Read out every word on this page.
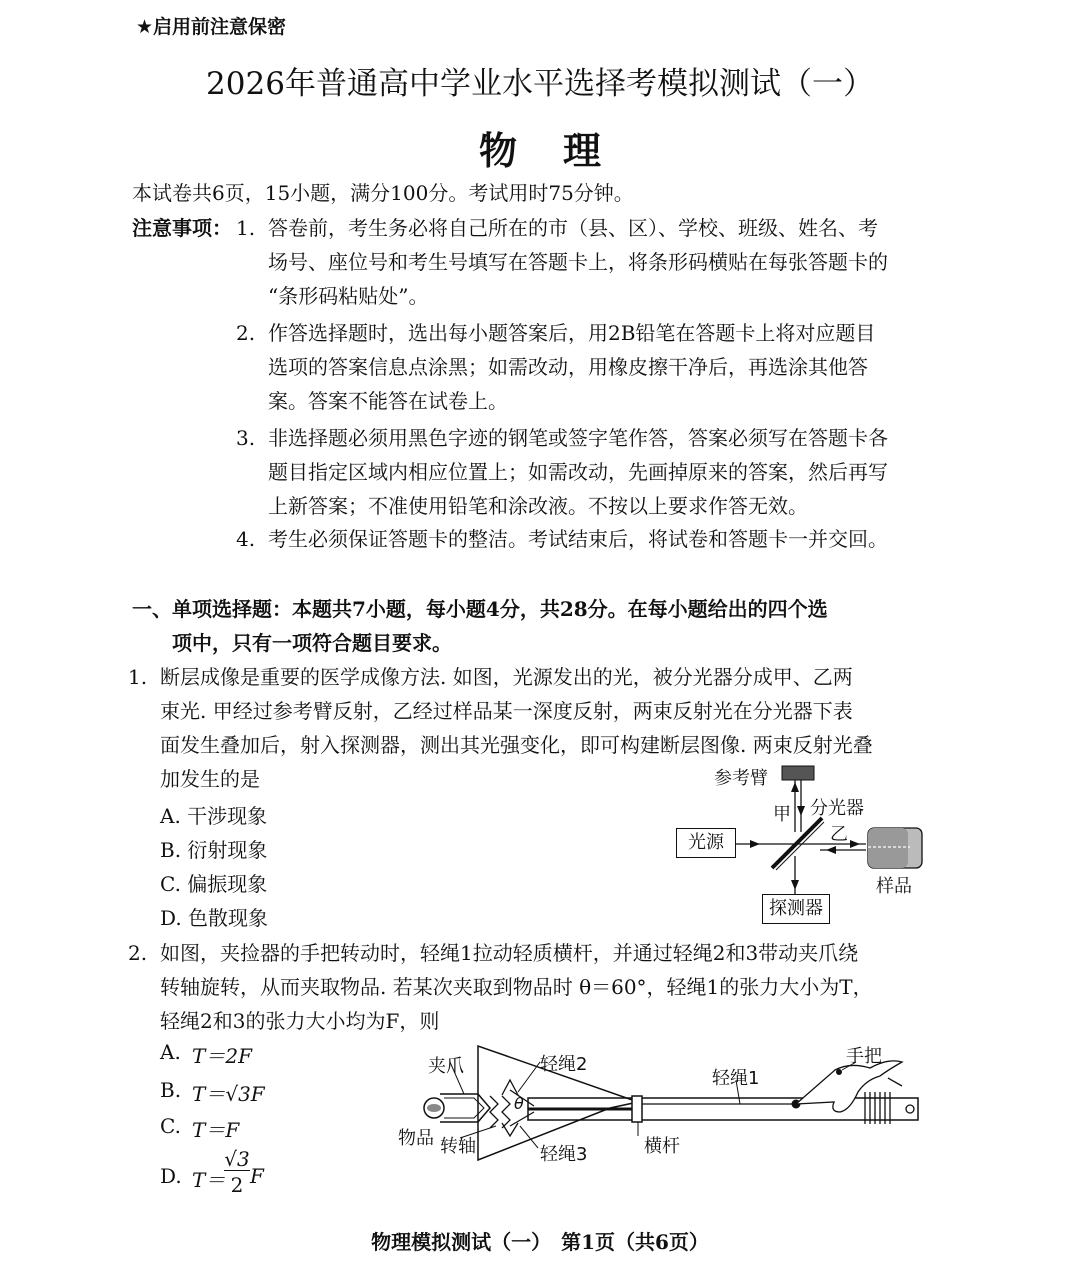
★启用前注意保密
2026年普通高中学业水平选择考模拟测试（一）
物理
本试卷共6页，15小题，满分100分。考试用时75分钟。
注意事项： 1. 答卷前，考生务必将自己所在的市（县、区）、学校、班级、姓名、考
场号、座位号和考生号填写在答题卡上，将条形码横贴在每张答题卡的
“条形码粘贴处”。
2. 作答选择题时，选出每小题答案后，用2B铅笔在答题卡上将对应题目
选项的答案信息点涂黑；如需改动，用橡皮擦干净后，再选涂其他答
案。答案不能答在试卷上。
3. 非选择题必须用黑色字迹的钢笔或签字笔作答，答案必须写在答题卡各
题目指定区域内相应位置上；如需改动，先画掉原来的答案，然后再写
上新答案；不准使用铅笔和涂改液。不按以上要求作答无效。
4. 考生必须保证答题卡的整洁。考试结束后，将试卷和答题卡一并交回。
一、单项选择题：本题共7小题，每小题4分，共28分。在每小题给出的四个选
项中，只有一项符合题目要求。
1. 断层成像是重要的医学成像方法. 如图，光源发出的光，被分光器分成甲、乙两
束光. 甲经过参考臂反射，乙经过样品某一深度反射，两束反射光在分光器下表
面发生叠加后，射入探测器，测出其光强变化，即可构建断层图像. 两束反射光叠
加发生的是
A. 干涉现象
B. 衍射现象
C. 偏振现象
D. 色散现象
参考臂
甲 分光器
乙
光源
样品
探测器
2. 如图，夹捡器的手把转动时，轻绳1拉动轻质横杆，并通过轻绳2和3带动夹爪绕
转轴旋转，从而夹取物品. 若某次夹取到物品时 θ＝60°，轻绳1的张力大小为T，
轻绳2和3的张力大小均为F，则
A. T＝2F
B. T＝√3F
C. T＝F
D. T＝
√3
2 F
夹爪	轻绳2
轻绳1
手把
θ
物品 转轴	轻绳3	横杆
物理模拟测试（一）　第1页（共6页）
